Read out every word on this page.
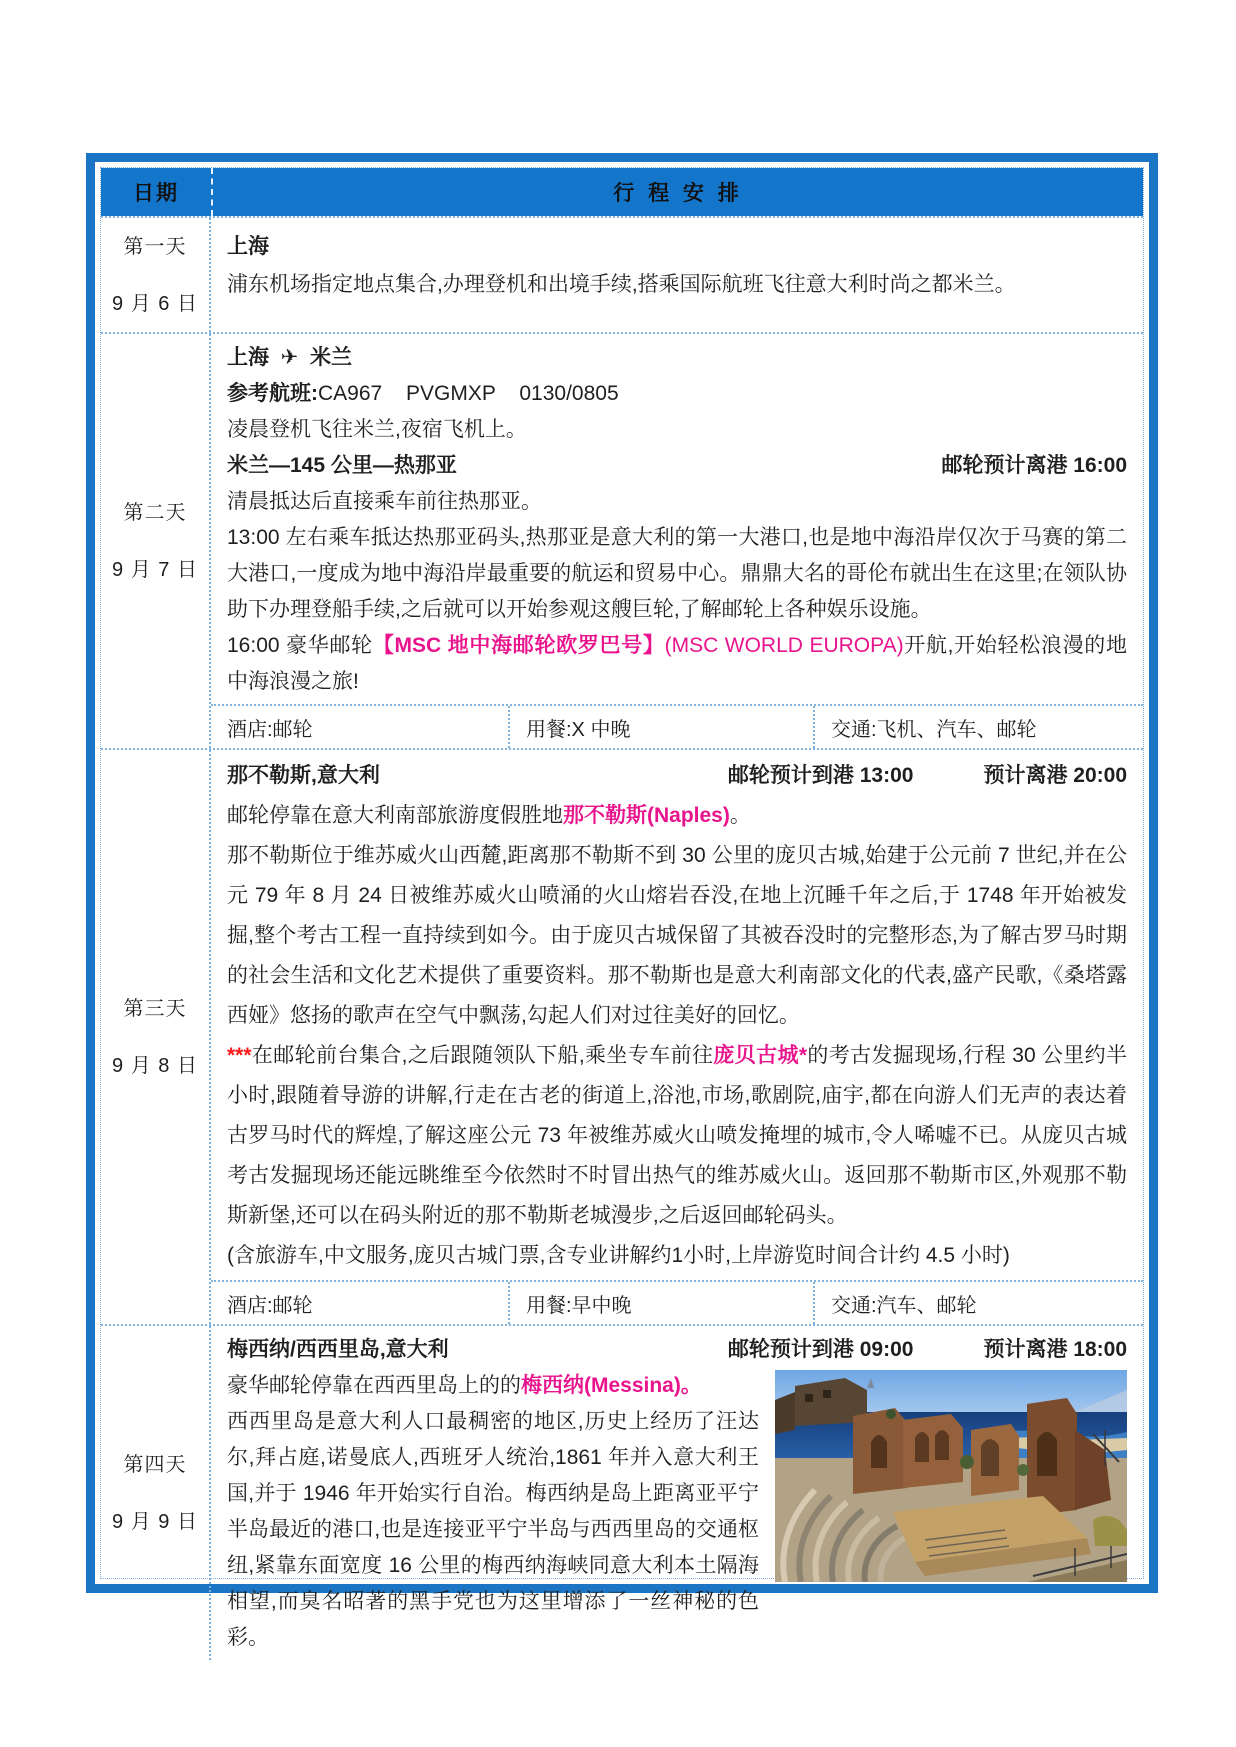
日期	行 程 安 排
第一天
9 月 6 日

上海

浦东机场指定地点集合,办理登机和出境手续,搭乘国际航班飞往意大利时尚之都米兰。

第二天
9 月 7 日

上海 ✈ 米兰

参考航班:CA967 PVGMXP 0130/0805

凌晨登机飞往米兰,夜宿飞机上。

米兰—145 公里—热那亚	邮轮预计离港 16:00

清晨抵达后直接乘车前往热那亚。

13:00 左右乘车抵达热那亚码头,热那亚是意大利的第一大港口,也是地中海沿岸仅次于马赛的第二大港口,一度成为地中海沿岸最重要的航运和贸易中心。鼎鼎大名的哥伦布就出生在这里;在领队协助下办理登船手续,之后就可以开始参观这艘巨轮,了解邮轮上各种娱乐设施。

16:00 豪华邮轮【MSC 地中海邮轮欧罗巴号】(MSC WORLD EUROPA)开航,开始轻松浪漫的地中海浪漫之旅!

酒店:邮轮	用餐:X 中晚	交通:飞机、汽车、邮轮
第三天
9 月 8 日

那不勒斯,意大利	邮轮预计到港 13:00	预计离港 20:00

邮轮停靠在意大利南部旅游度假胜地那不勒斯(Naples)。

那不勒斯位于维苏威火山西麓,距离那不勒斯不到 30 公里的庞贝古城,始建于公元前 7 世纪,并在公元 79 年 8 月 24 日被维苏威火山喷涌的火山熔岩吞没,在地上沉睡千年之后,于 1748 年开始被发掘,整个考古工程一直持续到如今。由于庞贝古城保留了其被吞没时的完整形态,为了解古罗马时期的社会生活和文化艺术提供了重要资料。那不勒斯也是意大利南部文化的代表,盛产民歌,《桑塔露西娅》悠扬的歌声在空气中飘荡,勾起人们对过往美好的回忆。

***在邮轮前台集合,之后跟随领队下船,乘坐专车前往庞贝古城*的考古发掘现场,行程 30 公里约半小时,跟随着导游的讲解,行走在古老的街道上,浴池,市场,歌剧院,庙宇,都在向游人们无声的表达着古罗马时代的辉煌,了解这座公元 73 年被维苏威火山喷发掩埋的城市,令人唏嘘不已。从庞贝古城考古发掘现场还能远眺维至今依然时不时冒出热气的维苏威火山。返回那不勒斯市区,外观那不勒斯新堡,还可以在码头附近的那不勒斯老城漫步,之后返回邮轮码头。

(含旅游车,中文服务,庞贝古城门票,含专业讲解约1小时,上岸游览时间合计约 4.5 小时)

酒店:邮轮	用餐:早中晚	交通:汽车、邮轮
第四天
9 月 9 日

梅西纳/西西里岛,意大利	邮轮预计到港 09:00	预计离港 18:00

豪华邮轮停靠在西西里岛上的的梅西纳(Messina)。

西西里岛是意大利人口最稠密的地区,历史上经历了汪达尔,拜占庭,诺曼底人,西班牙人统治,1861 年并入意大利王国,并于 1946 年开始实行自治。梅西纳是岛上距离亚平宁半岛最近的港口,也是连接亚平宁半岛与西西里岛的交通枢纽,紧靠东面宽度 16 公里的梅西纳海峡同意大利本土隔海相望,而臭名昭著的黑手党也为这里增添了一丝神秘的色彩。
